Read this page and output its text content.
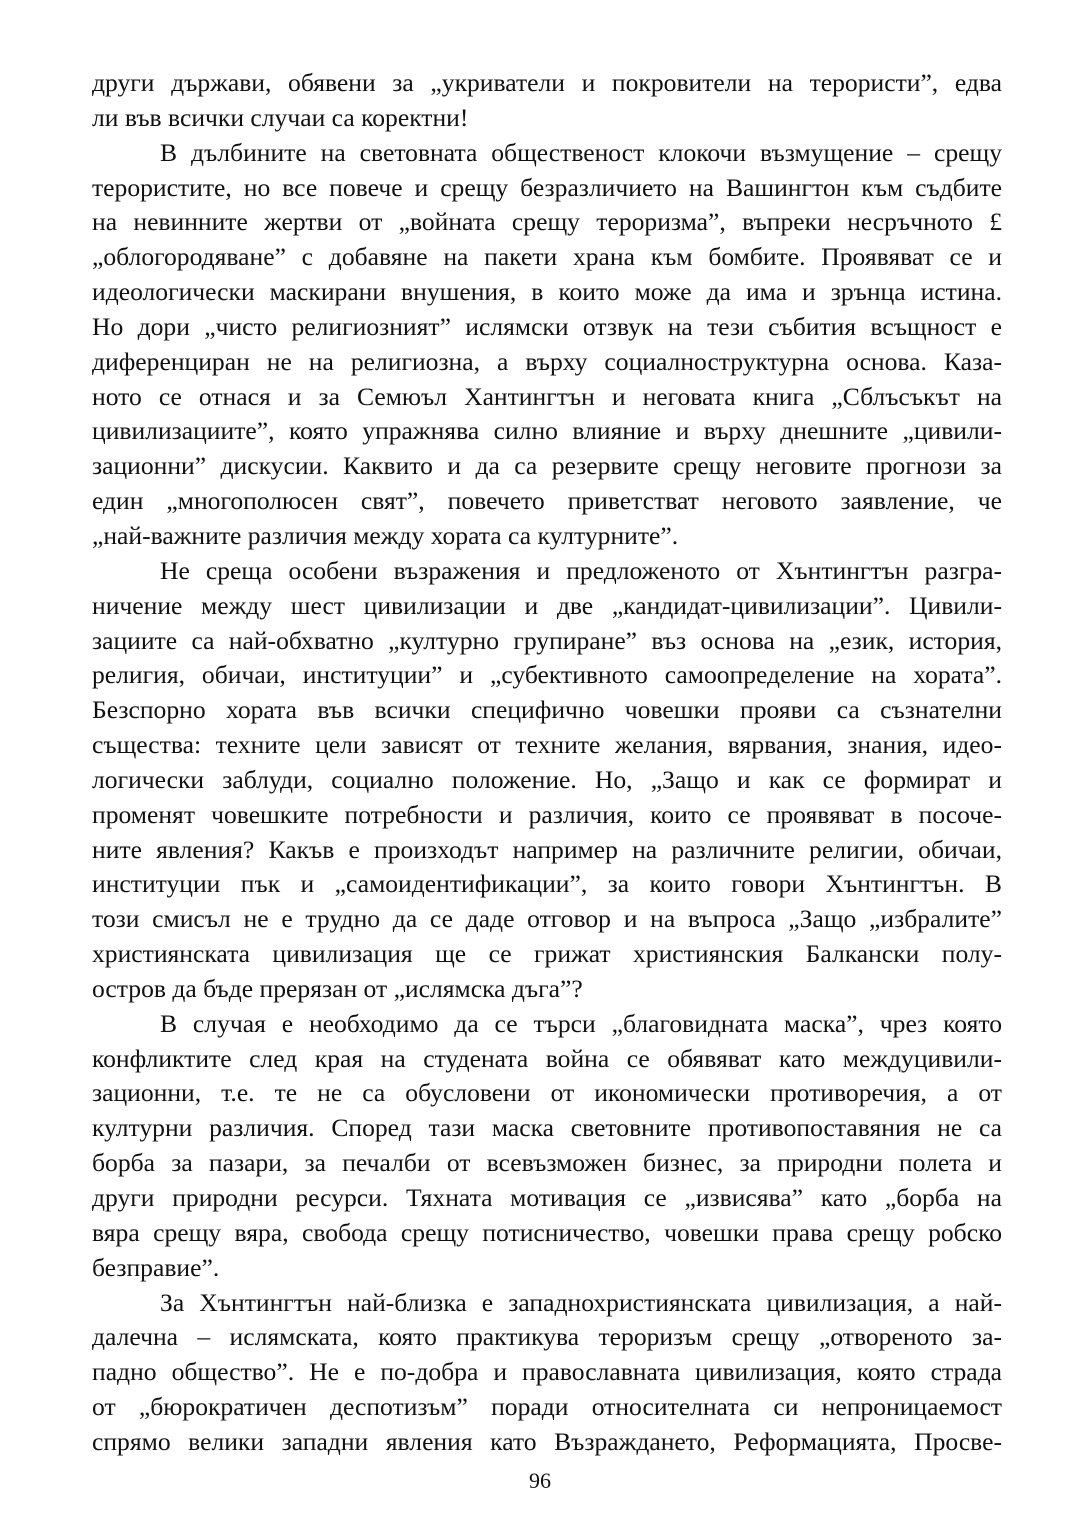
други държави, обявени за „укриватели и покровители на терористи”, едва
ли във всички случаи са коректни!
В дълбините на световната общественост клокочи възмущение – срещу
терористите, но все повече и срещу безразличието на Вашингтон към съдбите
на невинните жертви от „войната срещу тероризма”, въпреки несръчното £
„облогородяване” с добавяне на пакети храна към бомбите. Проявяват се и
идеологически маскирани внушения, в които може да има и зрънца истина.
Но дори „чисто религиозният” ислямски отзвук на тези събития всъщност е
диференциран не на религиозна, а върху социалноструктурна основа. Каза-
ното се отнася и за Семюъл Хантингтън и неговата книга „Сблъсъкът на
цивилизациите”, която упражнява силно влияние и върху днешните „цивили-
зационни” дискусии. Каквито и да са резервите срещу неговите прогнози за
един „многополюсен свят”, повечето приветстват неговото заявление, че
„най-важните различия между хората са културните”.
Не среща особени възражения и предложеното от Хънтингтън разгра-
ничение между шест цивилизации и две „кандидат-цивилизации”. Цивили-
зациите са най-обхватно „културно групиране” въз основа на „език, история,
религия, обичаи, институции” и „субективното самоопределение на хората”.
Безспорно хората във всички специфично човешки прояви са съзнателни
същества: техните цели зависят от техните желания, вярвания, знания, идео-
логически заблуди, социално положение. Но, „Защо и как се формират и
променят човешките потребности и различия, които се проявяват в посоче-
ните явления? Какъв е произходът например на различните религии, обичаи,
институции пък и „самоидентификации”, за които говори Хънтингтън. В
този смисъл не е трудно да се даде отговор и на въпроса „Защо „избралите”
християнската цивилизация ще се грижат християнския Балкански полу-
остров да бъде прерязан от „ислямска дъга”?
В случая е необходимо да се търси „благовидната маска”, чрез която
конфликтите след края на студената война се обявяват като междуцивили-
зационни, т.е. те не са обусловени от икономически противоречия, а от
културни различия. Според тази маска световните противопоставяния не са
борба за пазари, за печалби от всевъзможен бизнес, за природни полета и
други природни ресурси. Тяхната мотивация се „извисява” като „борба на
вяра срещу вяра, свобода срещу потисничество, човешки права срещу робско
безправие”.
За Хънтингтън най-близка е западнохристиянската цивилизация, а най-
далечна – ислямската, която практикува тероризъм срещу „отвореното за-
падно общество”. Не е по-добра и православната цивилизация, която страда
от „бюрократичен деспотизъм” поради относителната си непроницаемост
спрямо велики западни явления като Възраждането, Реформацията, Просве-
96
